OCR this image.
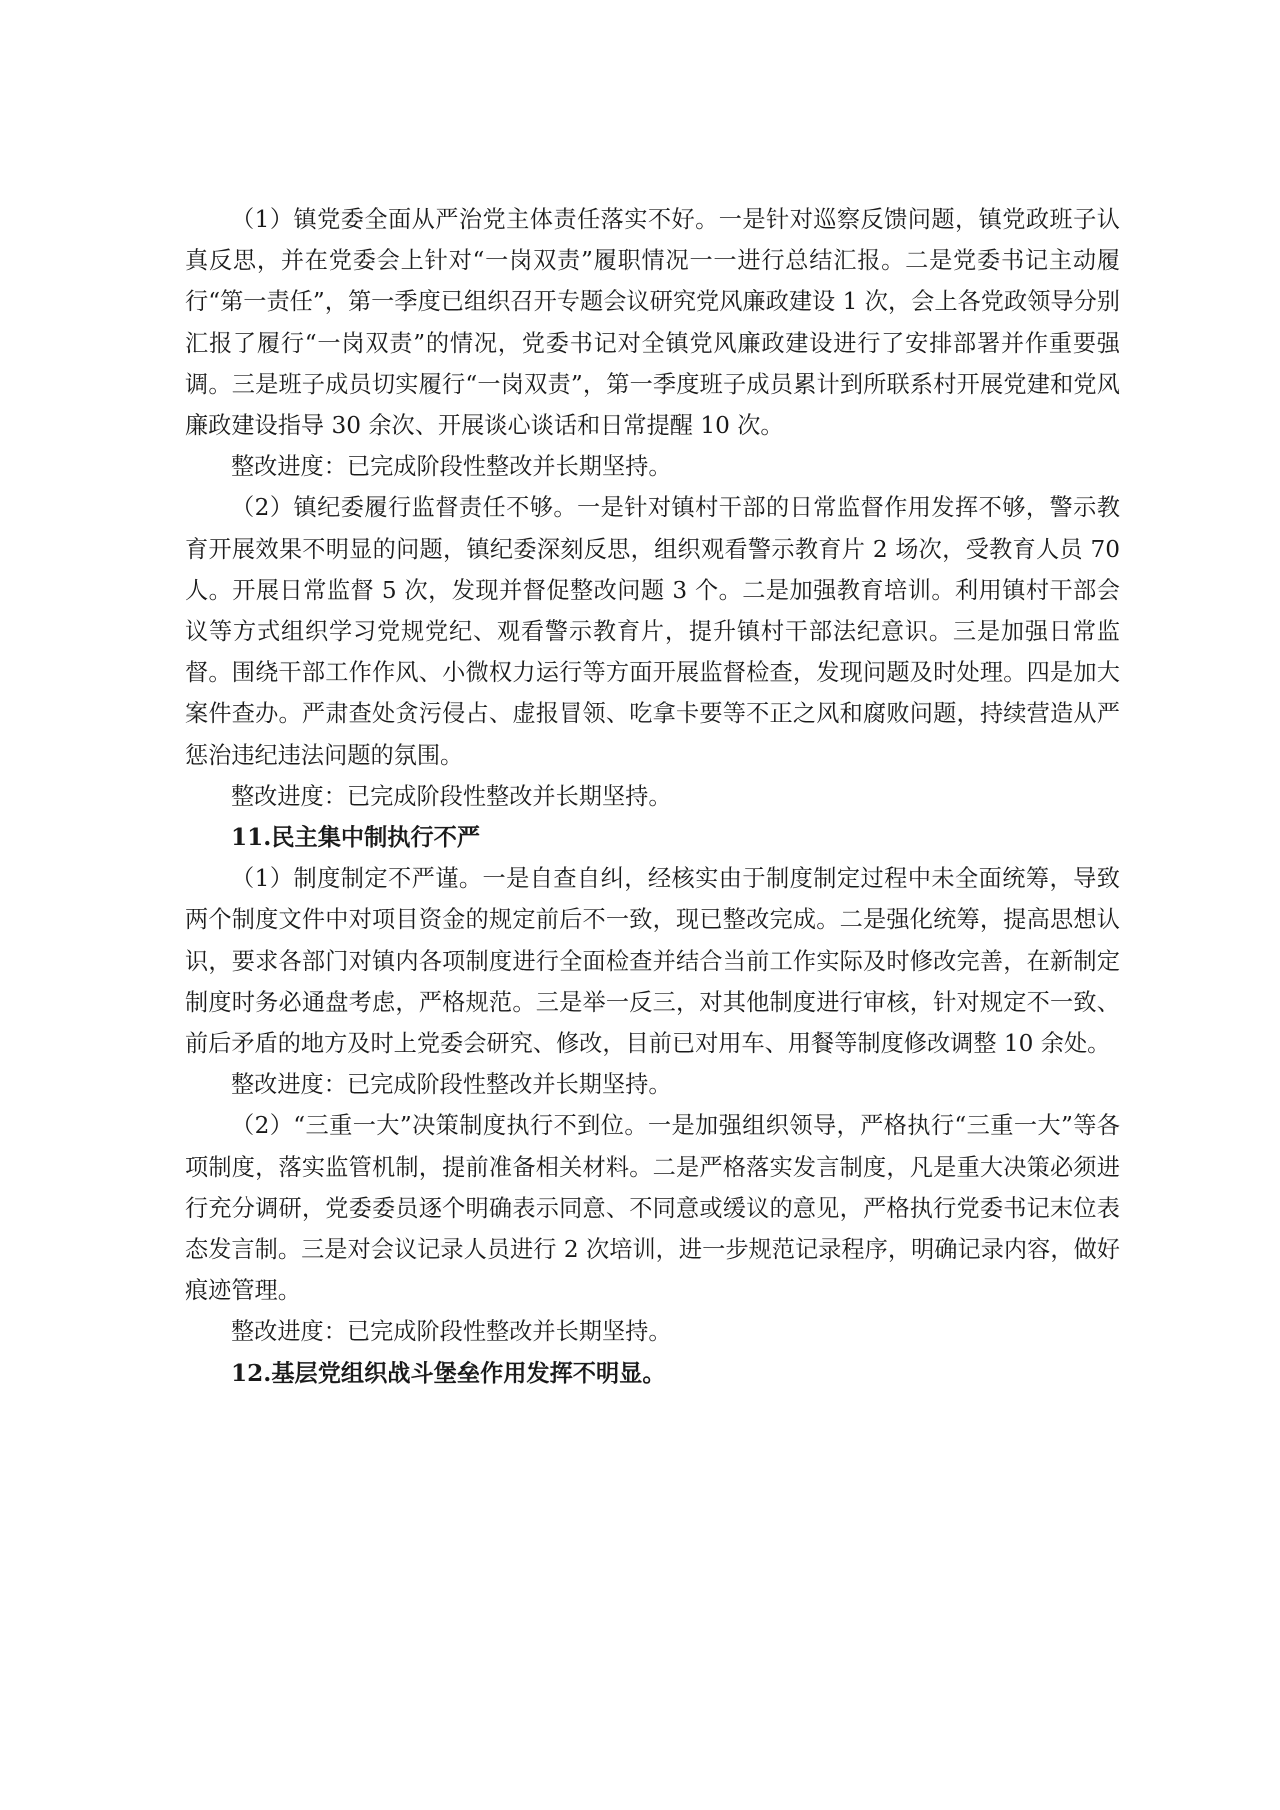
（1）镇党委全面从严治党主体责任落实不好。一是针对巡察反馈问题，镇党政班子认真反思，并在党委会上针对“一岗双责”履职情况一一进行总结汇报。二是党委书记主动履行“第一责任”，第一季度已组织召开专题会议研究党风廉政建设 1 次，会上各党政领导分别汇报了履行“一岗双责”的情况，党委书记对全镇党风廉政建设进行了安排部署并作重要强调。三是班子成员切实履行“一岗双责”，第一季度班子成员累计到所联系村开展党建和党风廉政建设指导 30 余次、开展谈心谈话和日常提醒 10 次。

整改进度：已完成阶段性整改并长期坚持。

（2）镇纪委履行监督责任不够。一是针对镇村干部的日常监督作用发挥不够，警示教育开展效果不明显的问题，镇纪委深刻反思，组织观看警示教育片 2 场次，受教育人员 70 人。开展日常监督 5 次，发现并督促整改问题 3 个。二是加强教育培训。利用镇村干部会议等方式组织学习党规党纪、观看警示教育片，提升镇村干部法纪意识。三是加强日常监督。围绕干部工作作风、小微权力运行等方面开展监督检查，发现问题及时处理。四是加大案件查办。严肃查处贪污侵占、虚报冒领、吃拿卡要等不正之风和腐败问题，持续营造从严惩治违纪违法问题的氛围。

整改进度：已完成阶段性整改并长期坚持。

11.民主集中制执行不严

（1）制度制定不严谨。一是自查自纠，经核实由于制度制定过程中未全面统筹，导致两个制度文件中对项目资金的规定前后不一致，现已整改完成。二是强化统筹，提高思想认识，要求各部门对镇内各项制度进行全面检查并结合当前工作实际及时修改完善，在新制定制度时务必通盘考虑，严格规范。三是举一反三，对其他制度进行审核，针对规定不一致、前后矛盾的地方及时上党委会研究、修改，目前已对用车、用餐等制度修改调整 10 余处。

整改进度：已完成阶段性整改并长期坚持。

（2）“三重一大”决策制度执行不到位。一是加强组织领导，严格执行“三重一大”等各项制度，落实监管机制，提前准备相关材料。二是严格落实发言制度，凡是重大决策必须进行充分调研，党委委员逐个明确表示同意、不同意或缓议的意见，严格执行党委书记末位表态发言制。三是对会议记录人员进行 2 次培训，进一步规范记录程序，明确记录内容，做好痕迹管理。

整改进度：已完成阶段性整改并长期坚持。

12.基层党组织战斗堡垒作用发挥不明显。
